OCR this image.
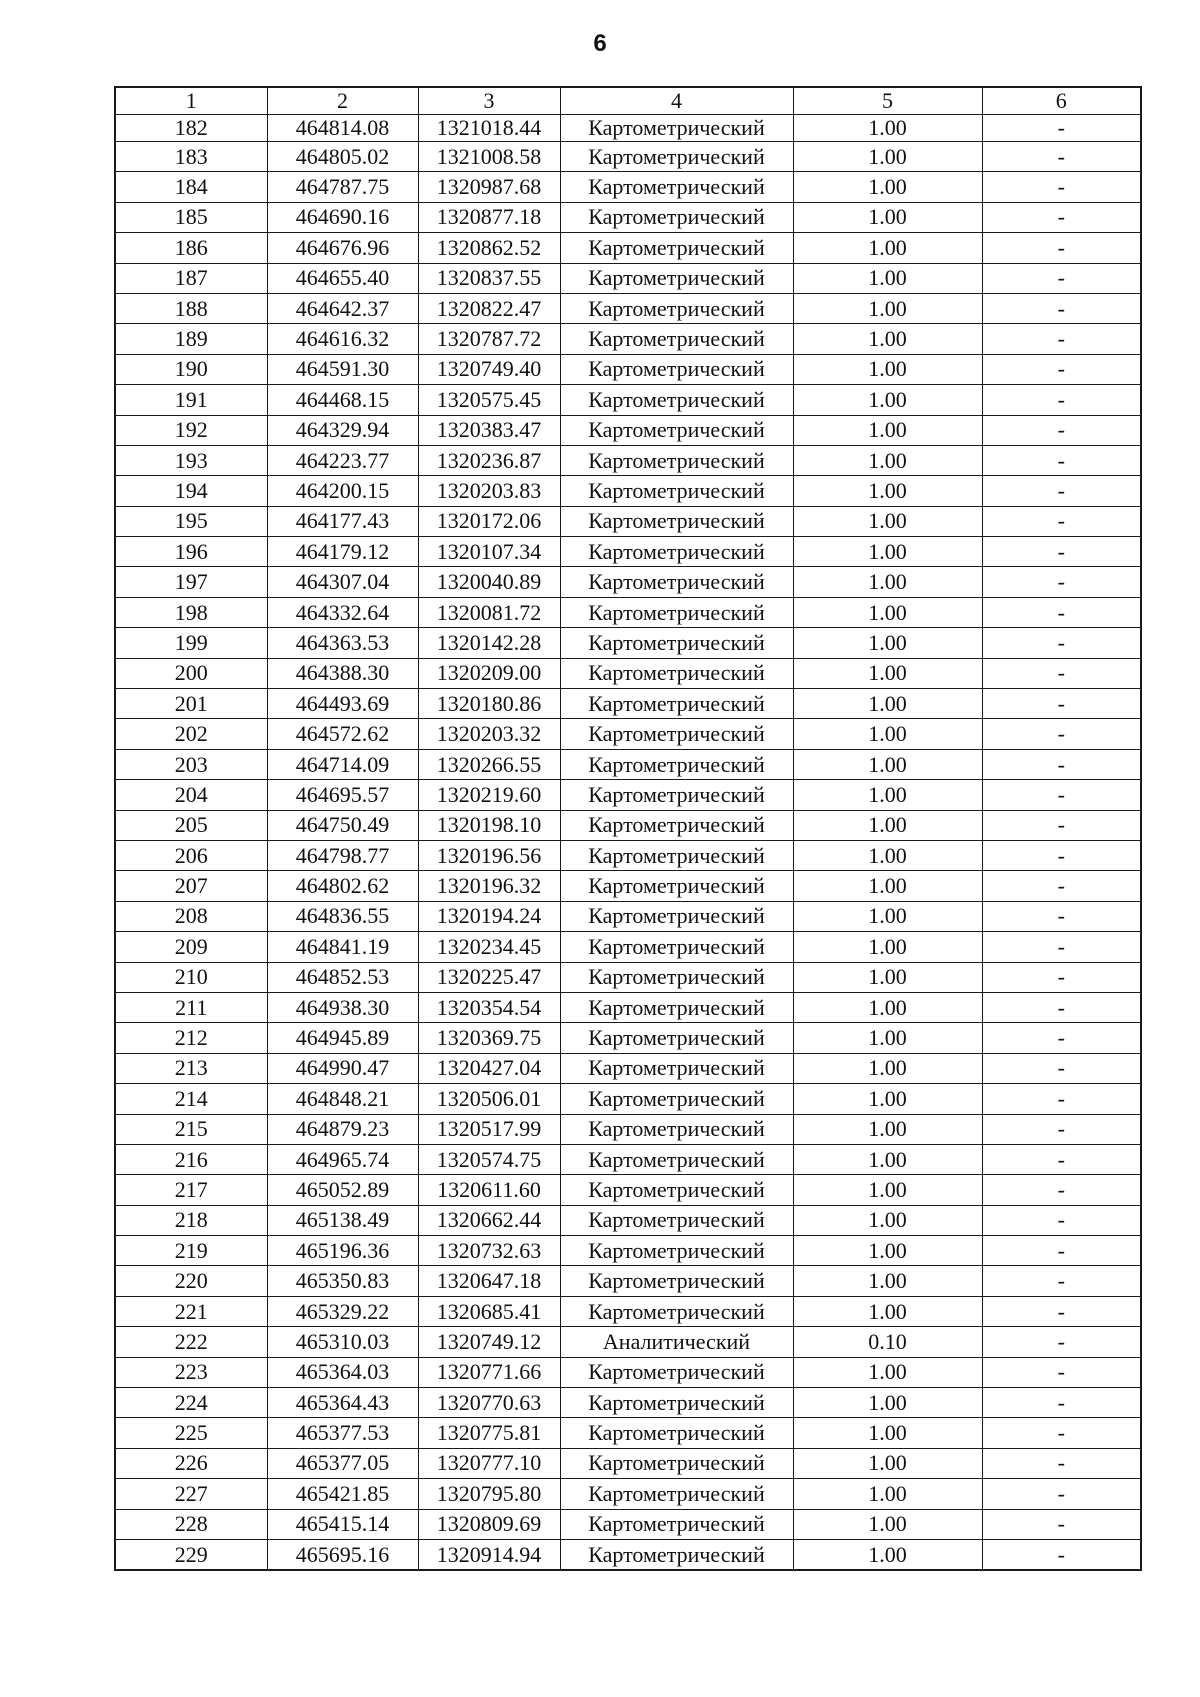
6
1	2	3	4	5	6
182	464814.08	1321018.44	Картометрический	1.00	-
183	464805.02	1321008.58	Картометрический	1.00	-
184	464787.75	1320987.68	Картометрический	1.00	-
185	464690.16	1320877.18	Картометрический	1.00	-
186	464676.96	1320862.52	Картометрический	1.00	-
187	464655.40	1320837.55	Картометрический	1.00	-
188	464642.37	1320822.47	Картометрический	1.00	-
189	464616.32	1320787.72	Картометрический	1.00	-
190	464591.30	1320749.40	Картометрический	1.00	-
191	464468.15	1320575.45	Картометрический	1.00	-
192	464329.94	1320383.47	Картометрический	1.00	-
193	464223.77	1320236.87	Картометрический	1.00	-
194	464200.15	1320203.83	Картометрический	1.00	-
195	464177.43	1320172.06	Картометрический	1.00	-
196	464179.12	1320107.34	Картометрический	1.00	-
197	464307.04	1320040.89	Картометрический	1.00	-
198	464332.64	1320081.72	Картометрический	1.00	-
199	464363.53	1320142.28	Картометрический	1.00	-
200	464388.30	1320209.00	Картометрический	1.00	-
201	464493.69	1320180.86	Картометрический	1.00	-
202	464572.62	1320203.32	Картометрический	1.00	-
203	464714.09	1320266.55	Картометрический	1.00	-
204	464695.57	1320219.60	Картометрический	1.00	-
205	464750.49	1320198.10	Картометрический	1.00	-
206	464798.77	1320196.56	Картометрический	1.00	-
207	464802.62	1320196.32	Картометрический	1.00	-
208	464836.55	1320194.24	Картометрический	1.00	-
209	464841.19	1320234.45	Картометрический	1.00	-
210	464852.53	1320225.47	Картометрический	1.00	-
211	464938.30	1320354.54	Картометрический	1.00	-
212	464945.89	1320369.75	Картометрический	1.00	-
213	464990.47	1320427.04	Картометрический	1.00	-
214	464848.21	1320506.01	Картометрический	1.00	-
215	464879.23	1320517.99	Картометрический	1.00	-
216	464965.74	1320574.75	Картометрический	1.00	-
217	465052.89	1320611.60	Картометрический	1.00	-
218	465138.49	1320662.44	Картометрический	1.00	-
219	465196.36	1320732.63	Картометрический	1.00	-
220	465350.83	1320647.18	Картометрический	1.00	-
221	465329.22	1320685.41	Картометрический	1.00	-
222	465310.03	1320749.12	Аналитический	0.10	-
223	465364.03	1320771.66	Картометрический	1.00	-
224	465364.43	1320770.63	Картометрический	1.00	-
225	465377.53	1320775.81	Картометрический	1.00	-
226	465377.05	1320777.10	Картометрический	1.00	-
227	465421.85	1320795.80	Картометрический	1.00	-
228	465415.14	1320809.69	Картометрический	1.00	-
229	465695.16	1320914.94	Картометрический	1.00	-
